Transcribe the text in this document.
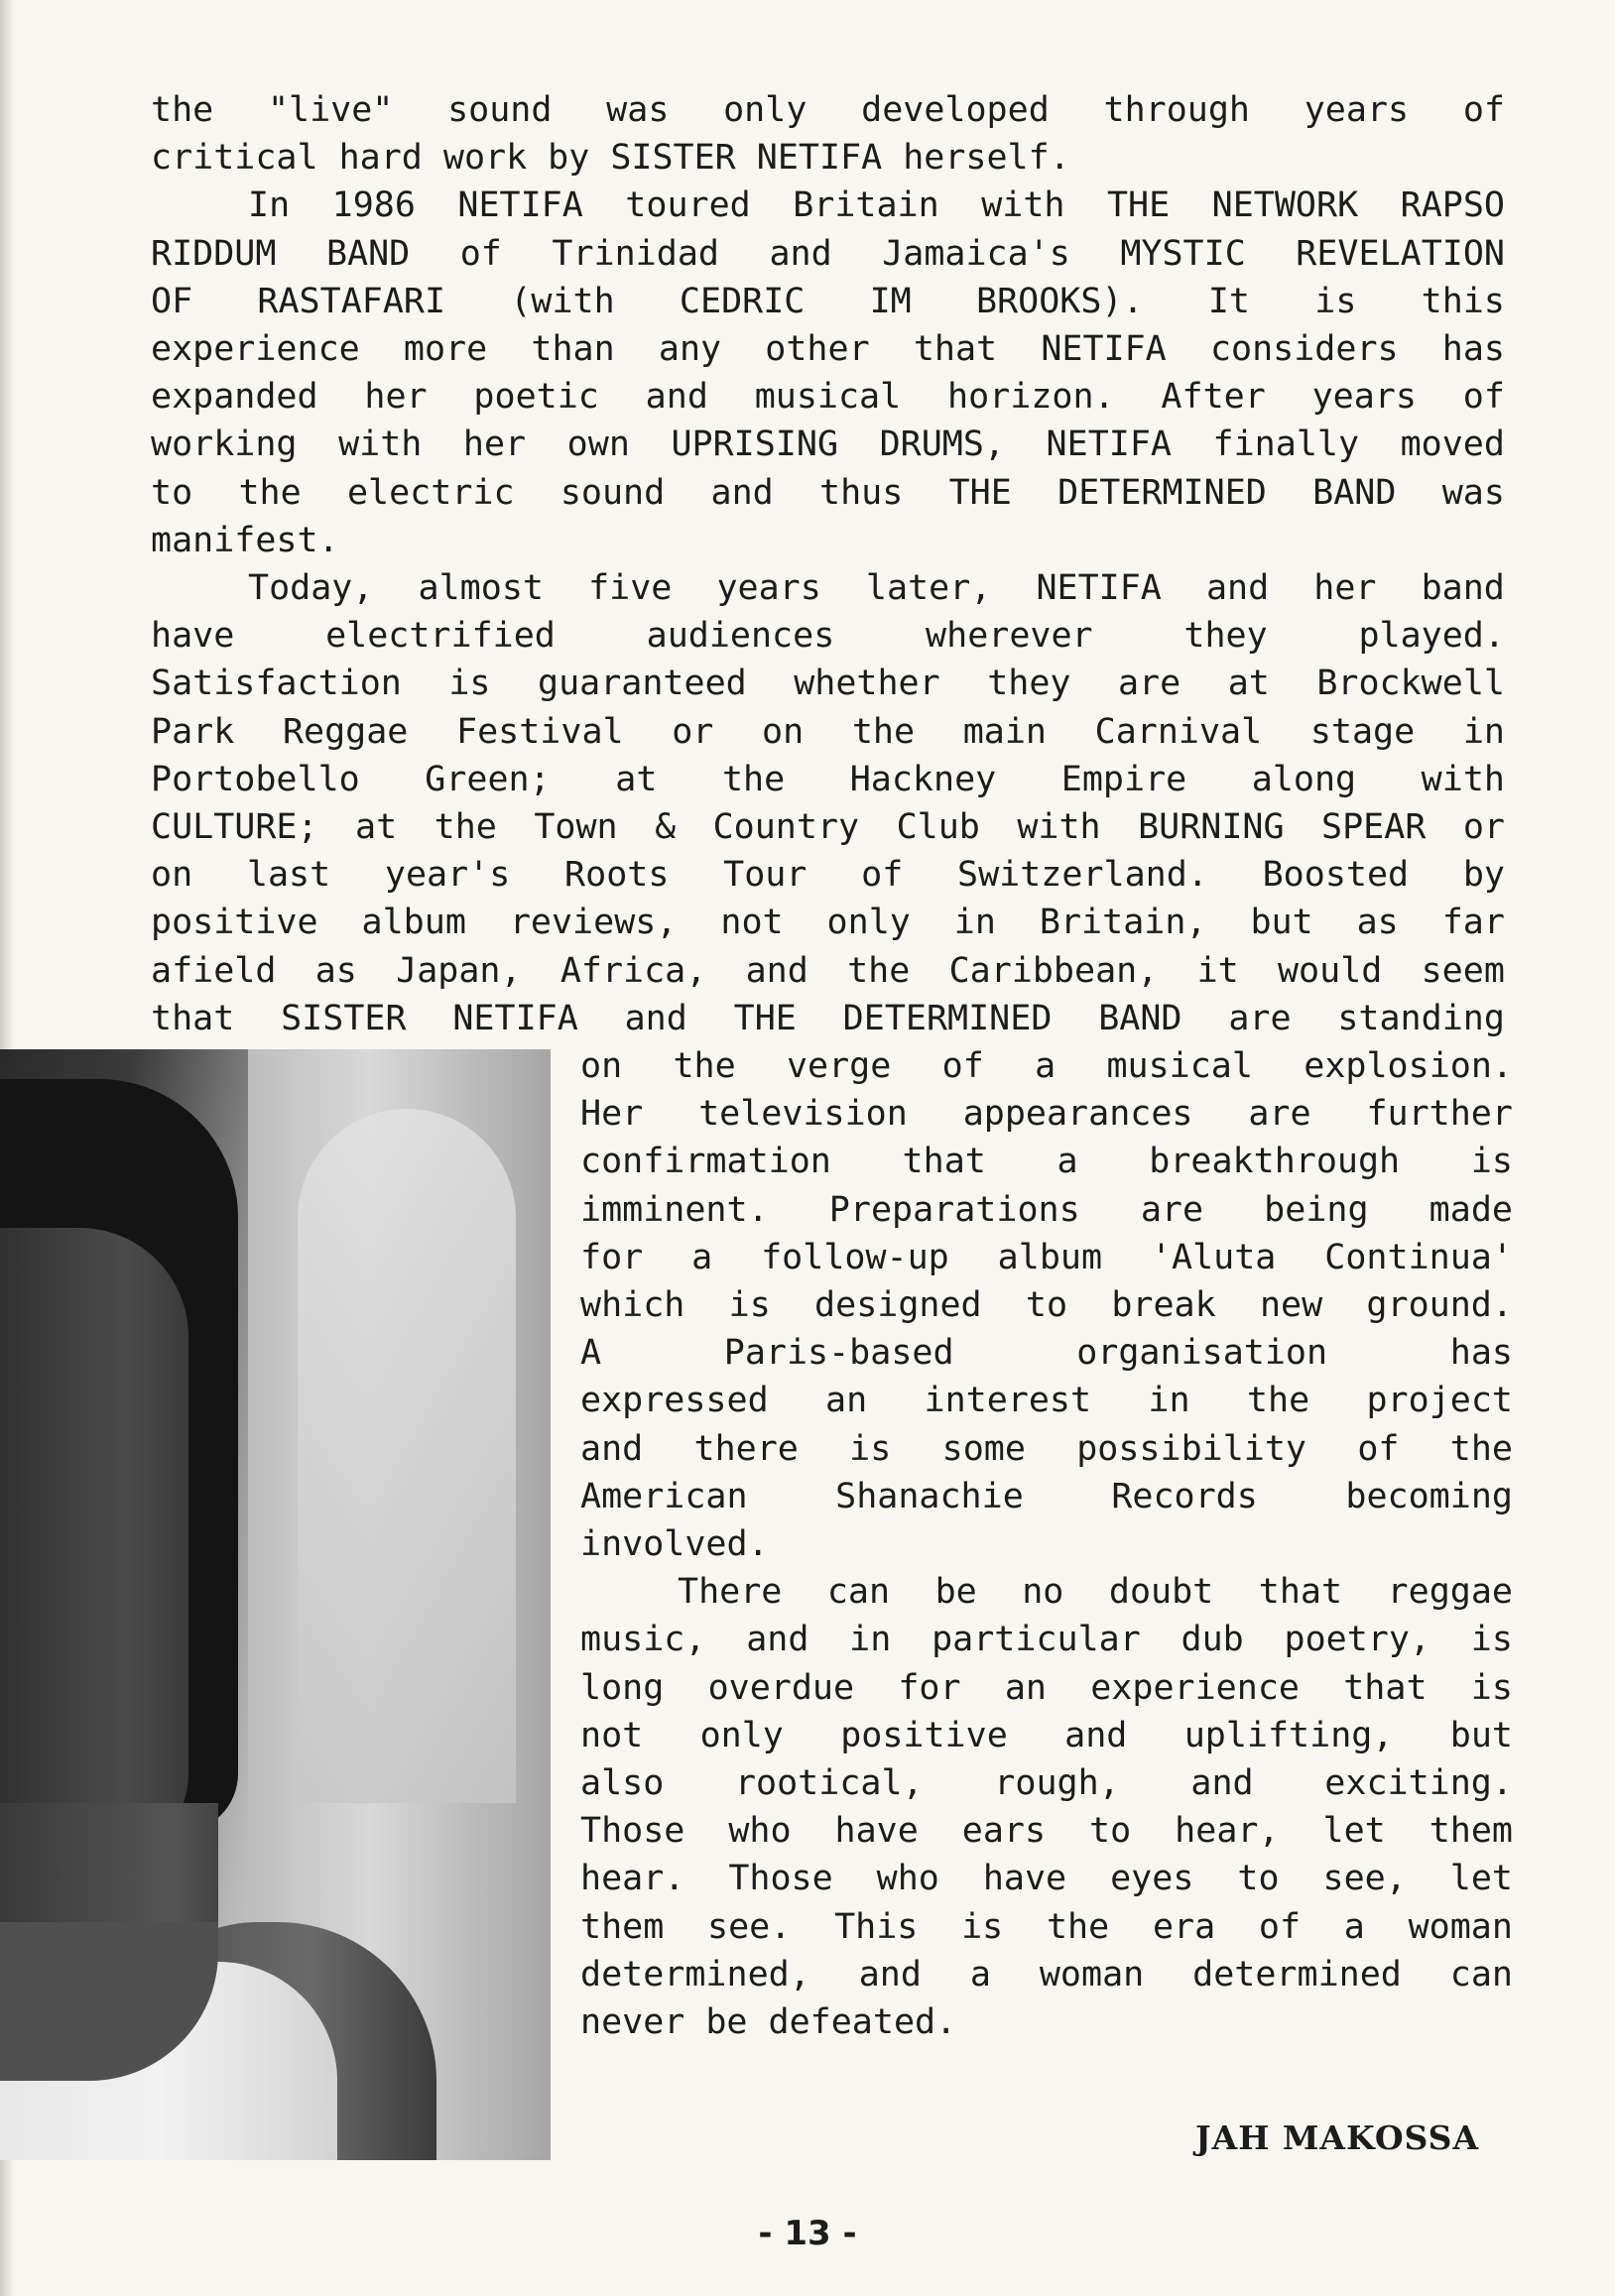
the "live" sound was only developed through years of
critical hard work by SISTER NETIFA herself.
In 1986 NETIFA toured Britain with THE NETWORK RAPSO
RIDDUM BAND of Trinidad and Jamaica's MYSTIC REVELATION
OF RASTAFARI (with CEDRIC IM BROOKS). It is this
experience more than any other that NETIFA considers has
expanded her poetic and musical horizon. After years of
working with her own UPRISING DRUMS, NETIFA finally moved
to the electric sound and thus THE DETERMINED BAND was
manifest.
Today, almost five years later, NETIFA and her band
have	electrified	audiences	wherever	they	played.
Satisfaction is guaranteed whether they are at Brockwell
Park Reggae Festival or on the main Carnival stage in
Portobello Green; at the Hackney Empire along with
CULTURE; at the Town & Country Club with BURNING SPEAR or
on last year's Roots Tour of Switzerland. Boosted by
positive album reviews, not only in Britain, but as far
afield as Japan, Africa, and the Caribbean, it would seem
that SISTER NETIFA and THE DETERMINED BAND are standing
on the verge of a musical explosion.
Her television appearances are further
confirmation that a breakthrough is
imminent. Preparations are being made
for a follow-up album 'Aluta Continua'
which is designed to break new ground.
A	Paris-based	organisation	has
expressed an interest in the project
and there is some possibility of the
American	Shanachie	Records	becoming
involved.
There can be no doubt that reggae
music, and in particular dub poetry, is
long overdue for an experience that is
not only positive and uplifting, but
also rootical, rough, and exciting.
Those who have ears to hear, let them
hear. Those who have eyes to see, let
them see. This is the era of a woman
determined, and a woman determined can
never be defeated.
JAH MAKOSSA
- 13 -
